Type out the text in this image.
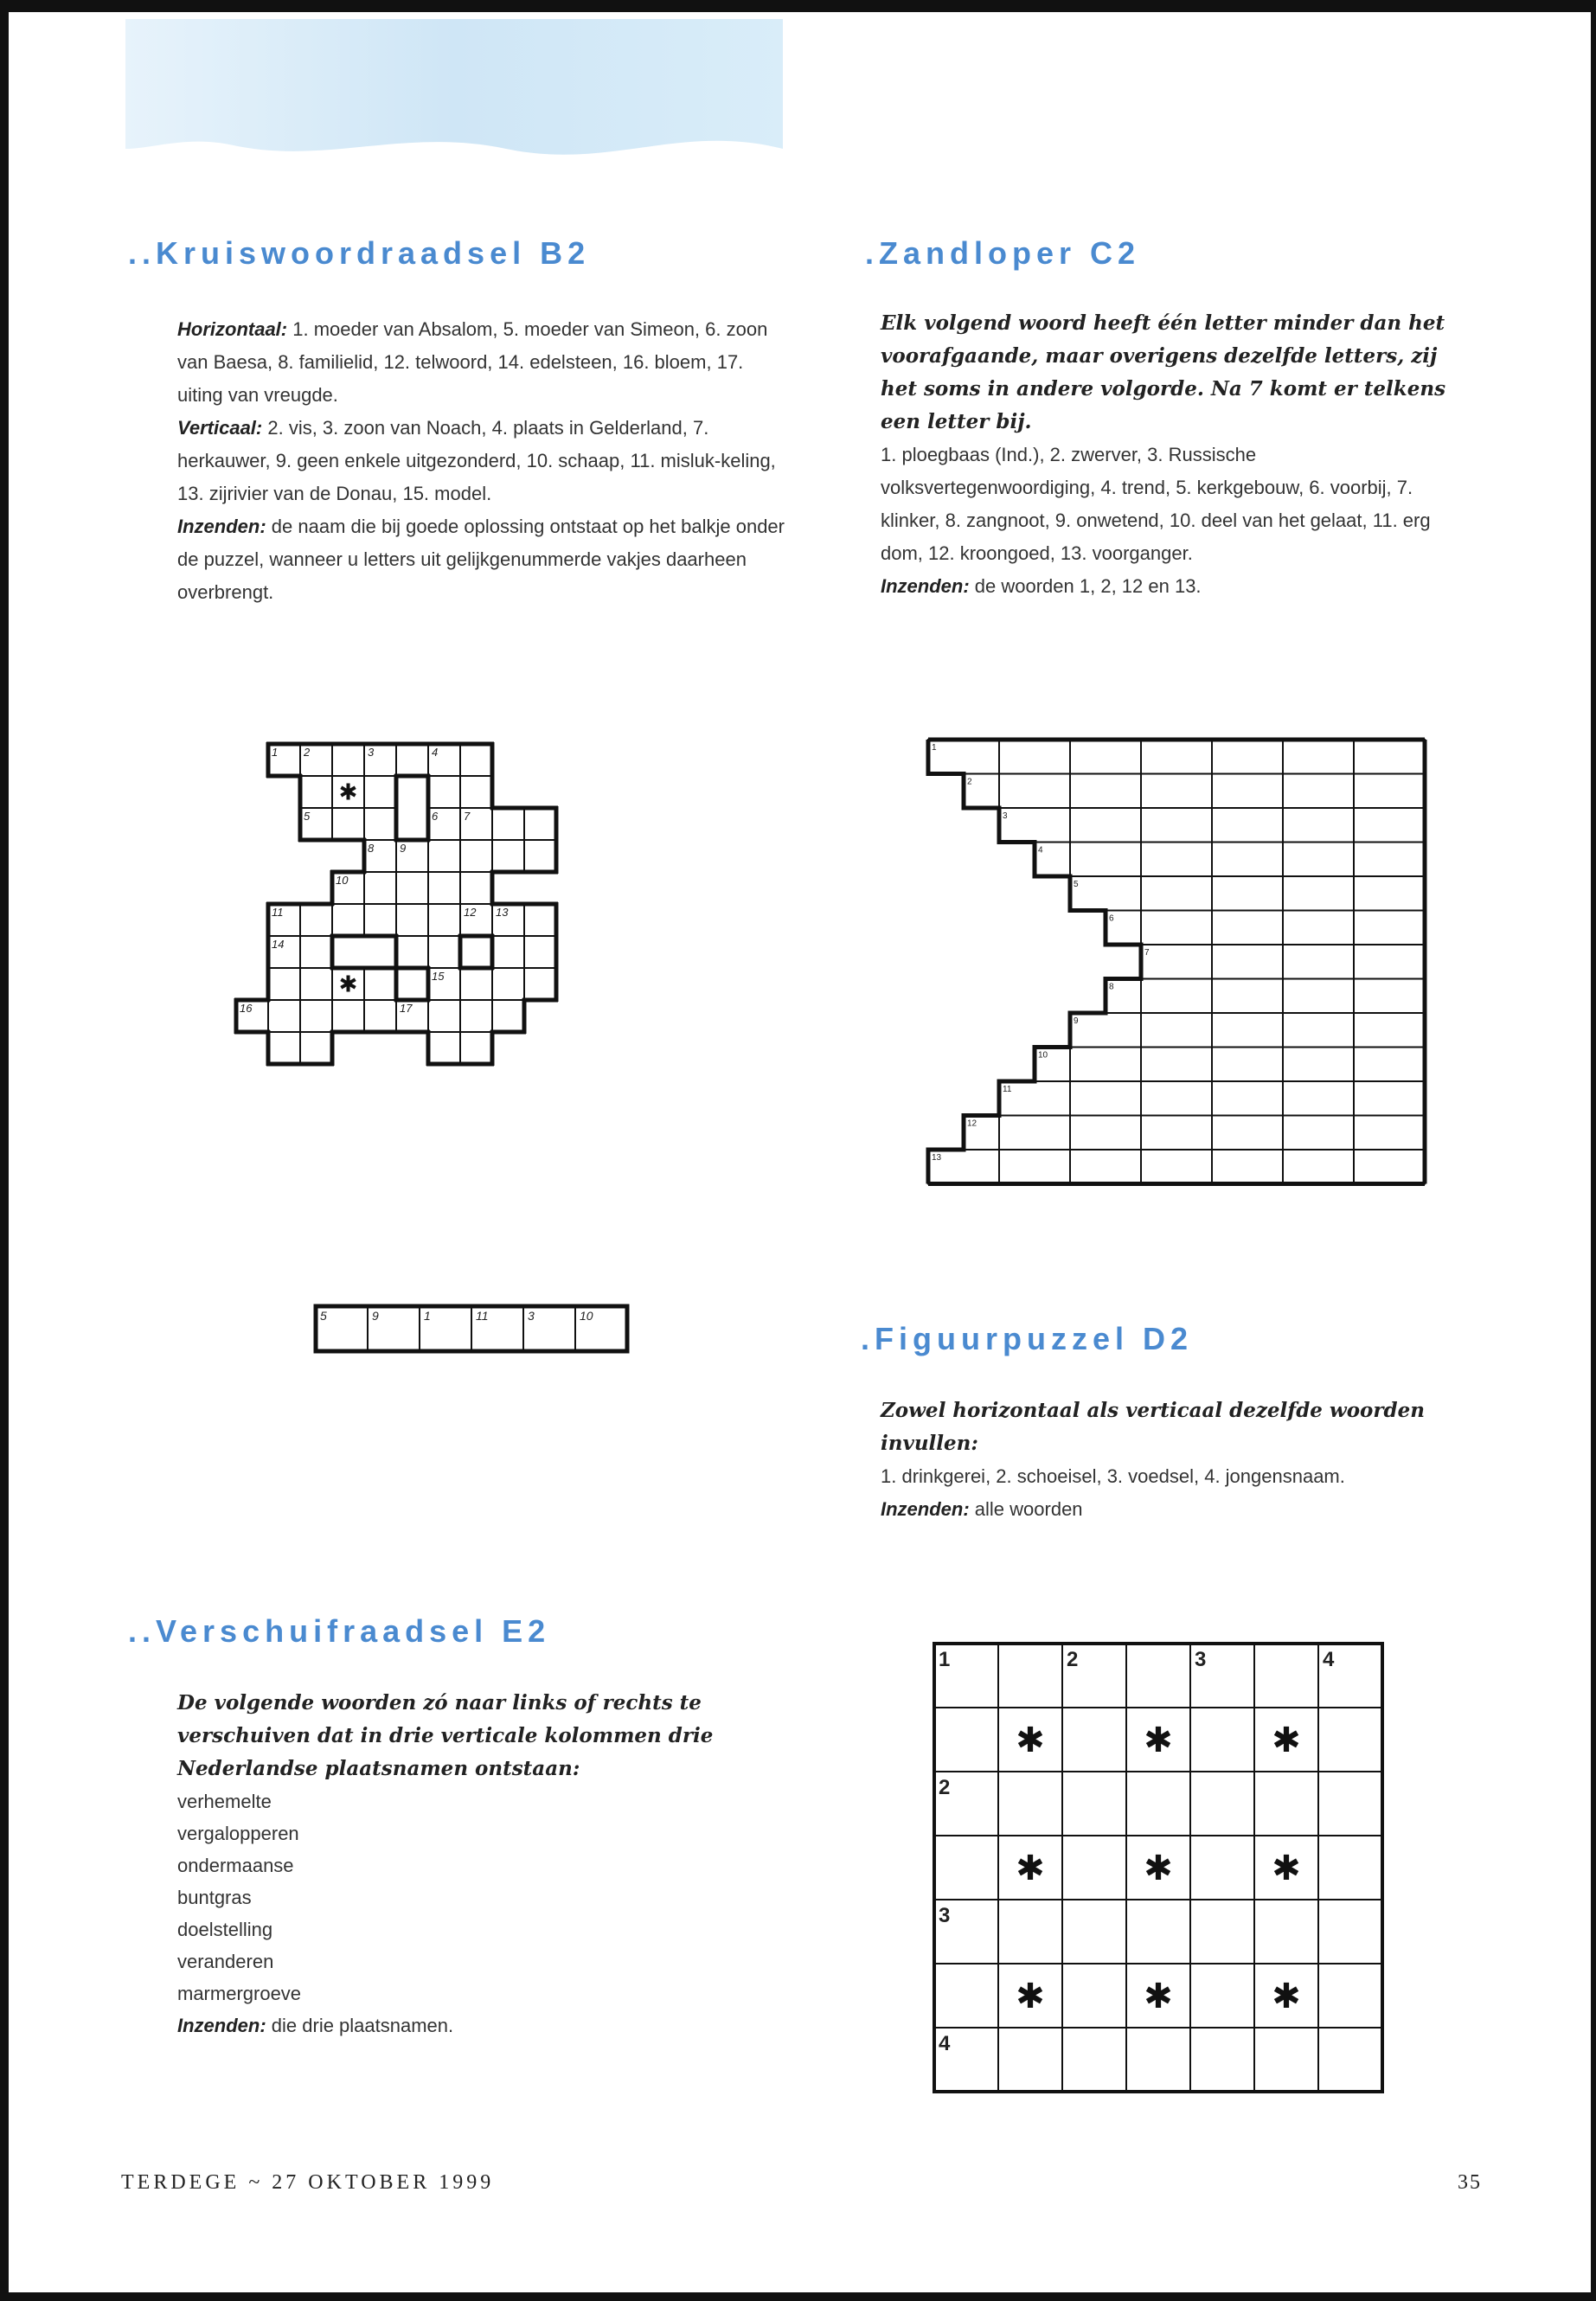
..Kruiswoordraadsel B2
Horizontaal: 1. moeder van Absalom, 5. moeder van Simeon, 6. zoon van Baesa, 8. familielid, 12. telwoord, 14. edelsteen, 16. bloem, 17. uiting van vreugde.
Verticaal: 2. vis, 3. zoon van Noach, 4. plaats in Gelderland, 7. herkauwer, 9. geen enkele uitgezonderd, 10. schaap, 11. misluk-keling, 13. zijrivier van de Donau, 15. model.
Inzenden: de naam die bij goede oplossing ontstaat op het balkje onder de puzzel, wanneer u letters uit gelijkgenummerde vakjes daarheen overbrengt.
1 2	3	4
5	6 7
8 9
10
11	12 13
14
15
16	17
✱
✱
5	9	1	11	3	10
.Zandloper C2
Elk volgend woord heeft één letter minder dan het voorafgaande, maar overigens dezelfde letters, zij het soms in andere volgorde. Na 7 komt er telkens een letter bij.
1. ploegbaas (Ind.), 2. zwerver, 3. Russische volksvertegenwoordiging, 4. trend, 5. kerkgebouw, 6. voorbij, 7. klinker, 8. zangnoot, 9. onwetend, 10. deel van het gelaat, 11. erg dom, 12. kroongoed, 13. voorganger.
Inzenden: de woorden 1, 2, 12 en 13.
1
2
3
4
5
6
7
8
9
10
11
12
13
.Figuurpuzzel D2
Zowel horizontaal als verticaal dezelfde woorden invullen:
1. drinkgerei, 2. schoeisel, 3. voedsel, 4. jongensnaam.
Inzenden: alle woorden
1	2	3	4
2
3
4
✱	✱	✱
✱	✱	✱
✱	✱	✱
..Verschuifraadsel E2
De volgende woorden zó naar links of rechts te verschuiven dat in drie verticale kolommen drie Nederlandse plaatsnamen ontstaan:
verhemelte
vergalopperen
ondermaanse
buntgras
doelstelling
veranderen
marmergroeve
Inzenden: die drie plaatsnamen.
TERDEGE ~ 27 OKTOBER 1999	35
